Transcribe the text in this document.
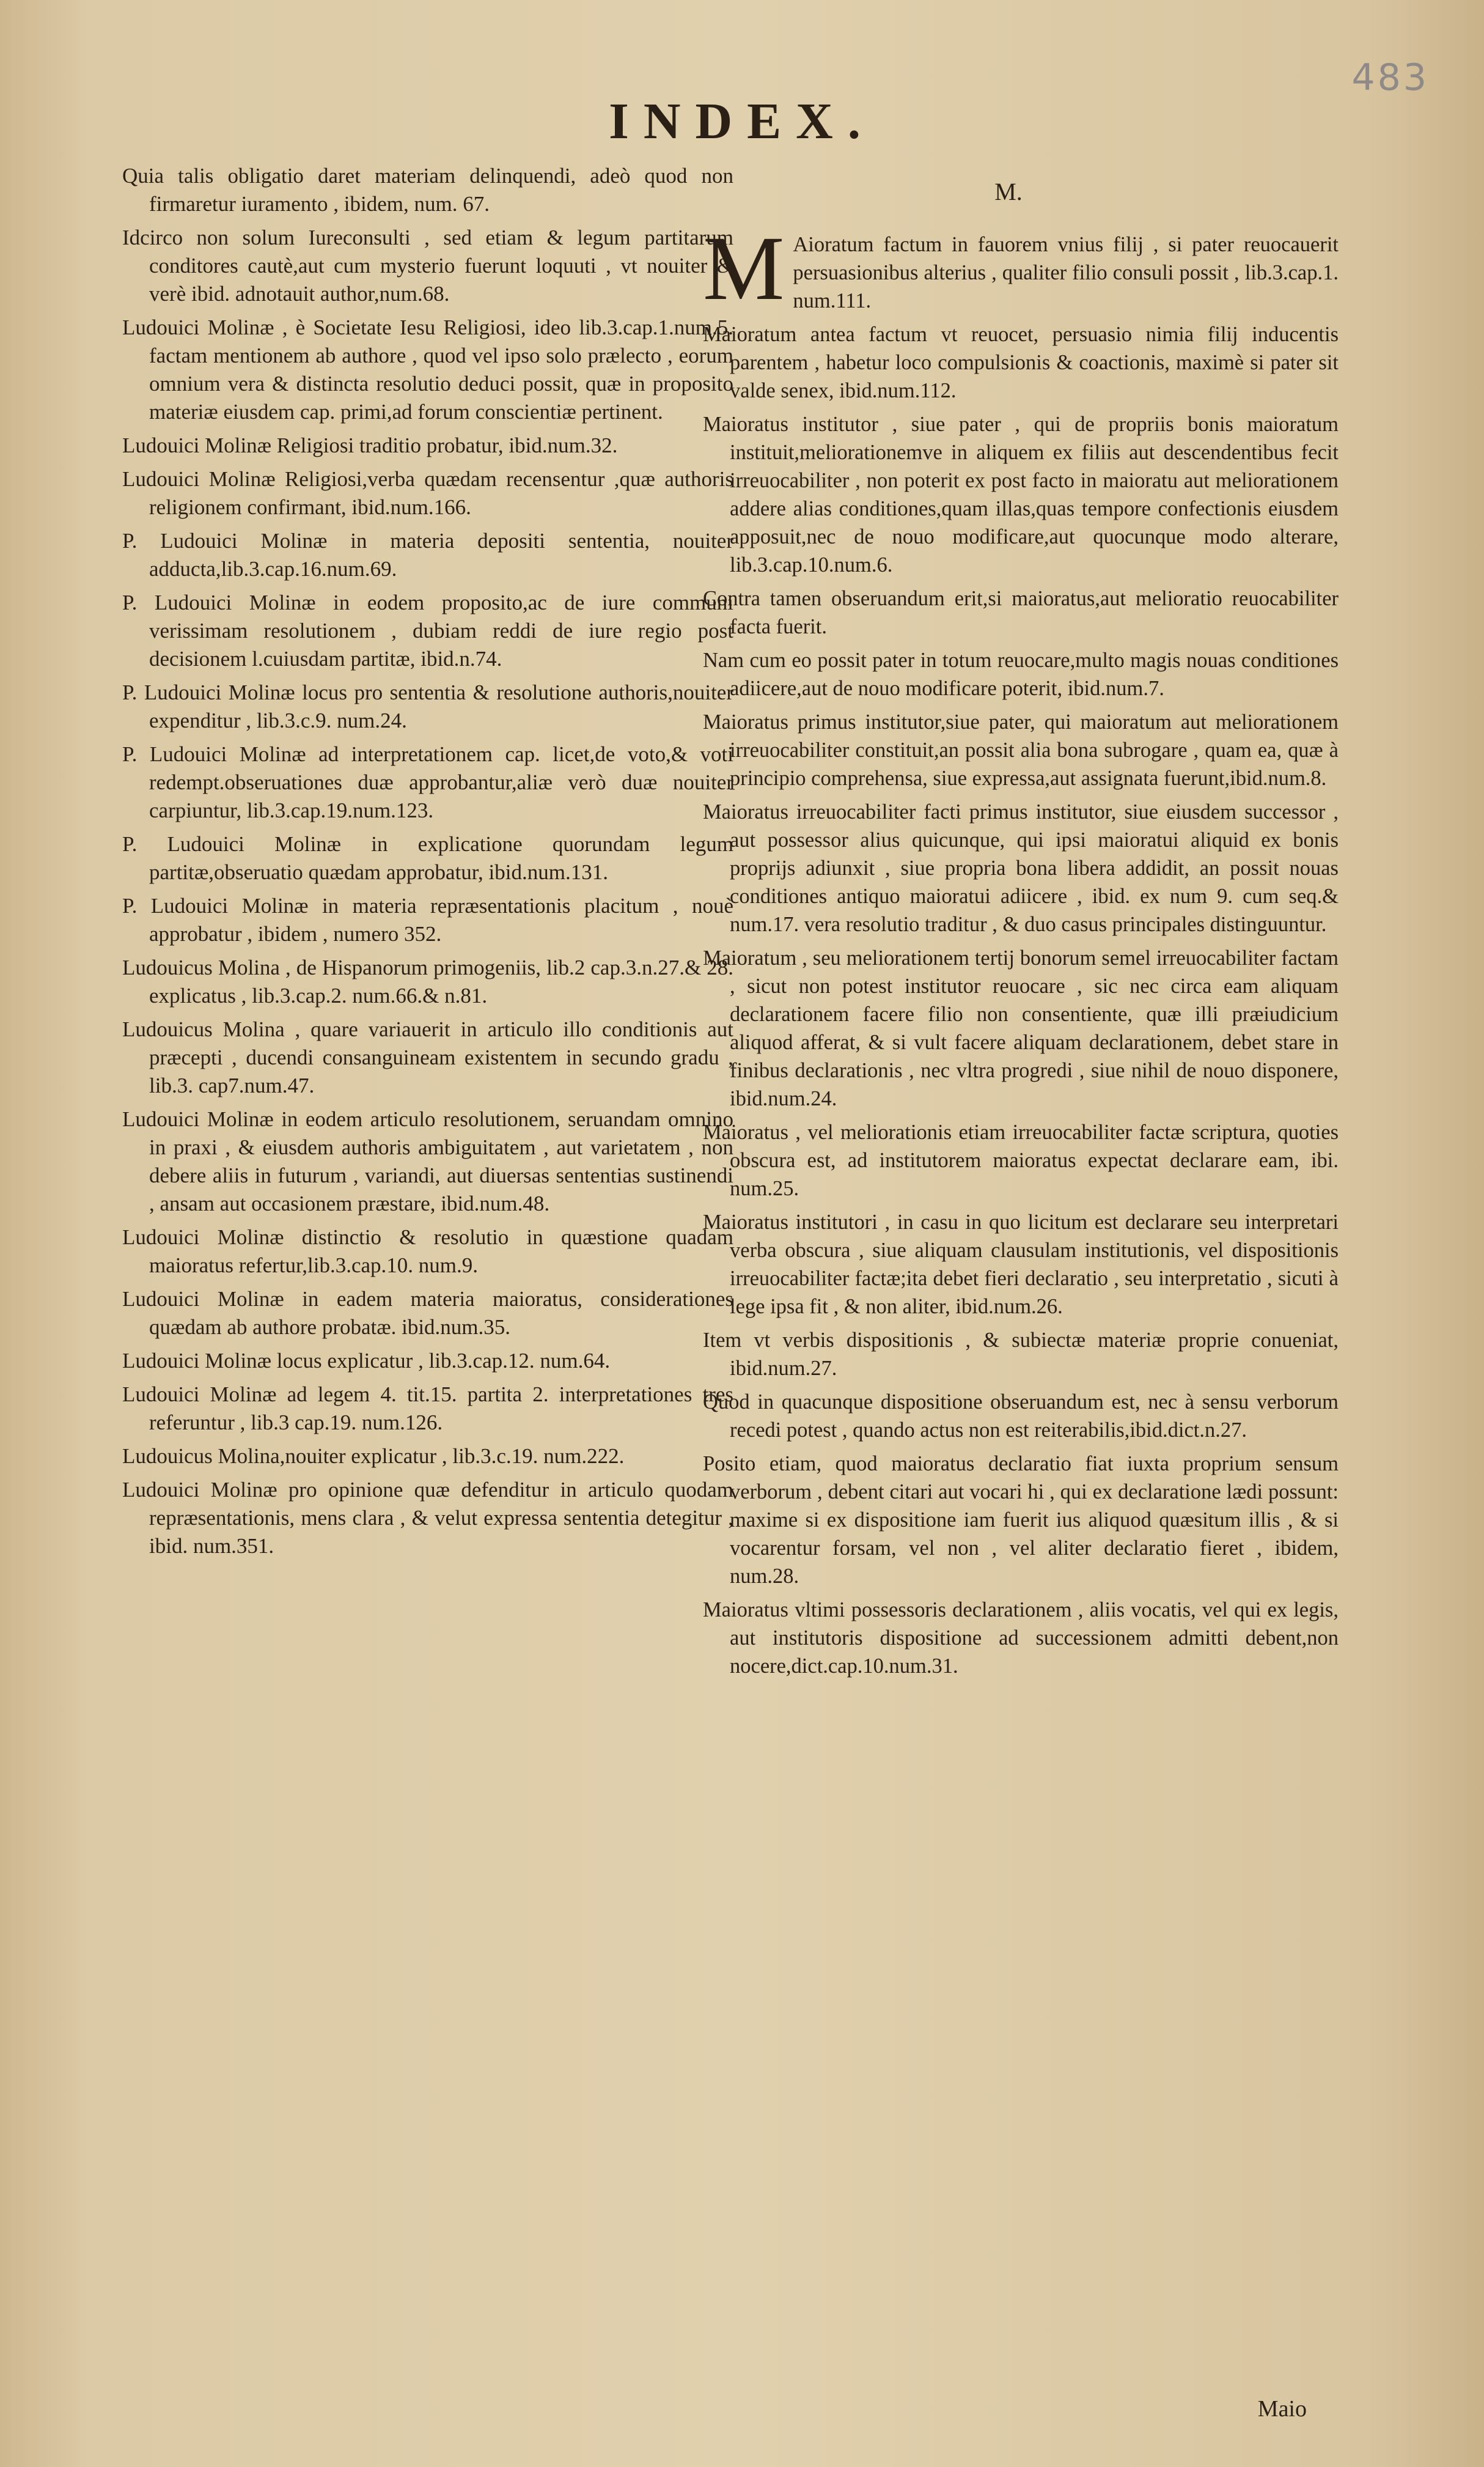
483
INDEX.
Quia talis obligatio daret materiam delinquendi, adeò quod non firmaretur iuramento , ibidem, num. 67.
Idcirco non solum Iureconsulti , sed etiam & legum partitarum conditores cautè,aut cum mysterio fuerunt loquuti , vt nouiter & verè ibid. adnotauit author,num.68.
Ludouici Molinæ , è Societate Iesu Religiosi, ideo lib.3.cap.1.num.5. factam mentionem ab authore , quod vel ipso solo prælecto , eorum omnium vera & distincta resolutio deduci possit, quæ in proposito materiæ eiusdem cap. primi,ad forum conscientiæ pertinent.
Ludouici Molinæ Religiosi traditio probatur, ibid.num.32.
Ludouici Molinæ Religiosi,verba quædam recensentur ,quæ authoris religionem confirmant, ibid.num.166.
P. Ludouici Molinæ in materia depositi sententia, nouiter adducta,lib.3.cap.16.num.69.
P. Ludouici Molinæ in eodem proposito,ac de iure communi verissimam resolutionem , dubiam reddi de iure regio post decisionem l.cuiusdam partitæ, ibid.n.74.
P. Ludouici Molinæ locus pro sententia & resolutione authoris,nouiter expenditur , lib.3.c.9. num.24.
P. Ludouici Molinæ ad interpretationem cap. licet,de voto,& voti redempt.obseruationes duæ approbantur,aliæ verò duæ nouiter carpiuntur, lib.3.cap.19.num.123.
P. Ludouici Molinæ in explicatione quorundam legum partitæ,obseruatio quædam approbatur, ibid.num.131.
P. Ludouici Molinæ in materia repræsentationis placitum , nouè approbatur , ibidem , numero 352.
Ludouicus Molina , de Hispanorum primogeniis, lib.2 cap.3.n.27.& 28. explicatus , lib.3.cap.2. num.66.& n.81.
Ludouicus Molina , quare variauerit in articulo illo conditionis aut præcepti , ducendi consanguineam existentem in secundo gradu , lib.3. cap7.num.47.
Ludouici Molinæ in eodem articulo resolutionem, seruandam omnino in praxi , & eiusdem authoris ambiguitatem , aut varietatem , non debere aliis in futurum , variandi, aut diuersas sententias sustinendi , ansam aut occasionem præstare, ibid.num.48.
Ludouici Molinæ distinctio & resolutio in quæstione quadam maioratus refertur,lib.3.cap.10. num.9.
Ludouici Molinæ in eadem materia maioratus, considerationes quædam ab authore probatæ. ibid.num.35.
Ludouici Molinæ locus explicatur , lib.3.cap.12. num.64.
Ludouici Molinæ ad legem 4. tit.15. partita 2. interpretationes tres referuntur , lib.3 cap.19. num.126.
Ludouicus Molina,nouiter explicatur , lib.3.c.19. num.222.
Ludouici Molinæ pro opinione quæ defenditur in articulo quodam repræsentationis, mens clara , & velut expressa sententia detegitur , ibid. num.351.
M.
M Aioratum factum in fauorem vnius filij , si pater reuocauerit persuasionibus alterius , qualiter filio consuli possit , lib.3.cap.1. num.111.
Maioratum antea factum vt reuocet, persuasio nimia filij inducentis parentem , habetur loco compulsionis & coactionis, maximè si pater sit valde senex, ibid.num.112.
Maioratus institutor , siue pater , qui de propriis bonis maioratum instituit,meliorationemve in aliquem ex filiis aut descendentibus fecit irreuocabiliter , non poterit ex post facto in maioratu aut meliorationem addere alias conditiones,quam illas,quas tempore confectionis eiusdem apposuit,nec de nouo modificare,aut quocunque modo alterare, lib.3.cap.10.num.6.
Contra tamen obseruandum erit,si maioratus,aut melioratio reuocabiliter facta fuerit.
Nam cum eo possit pater in totum reuocare,multo magis nouas conditiones adiicere,aut de nouo modificare poterit, ibid.num.7.
Maioratus primus institutor,siue pater, qui maioratum aut meliorationem irreuocabiliter constituit,an possit alia bona subrogare , quam ea, quæ à principio comprehensa, siue expressa,aut assignata fuerunt,ibid.num.8.
Maioratus irreuocabiliter facti primus institutor, siue eiusdem successor , aut possessor alius quicunque, qui ipsi maioratui aliquid ex bonis proprijs adiunxit , siue propria bona libera addidit, an possit nouas conditiones antiquo maioratui adiicere , ibid. ex num 9. cum seq.& num.17. vera resolutio traditur , & duo casus principales distinguuntur.
Maioratum , seu meliorationem tertij bonorum semel irreuocabiliter factam , sicut non potest institutor reuocare , sic nec circa eam aliquam declarationem facere filio non consentiente, quæ illi præiudicium aliquod afferat, & si vult facere aliquam declarationem, debet stare in finibus declarationis , nec vltra progredi , siue nihil de nouo disponere, ibid.num.24.
Maioratus , vel meliorationis etiam irreuocabiliter factæ scriptura, quoties obscura est, ad institutorem maioratus expectat declarare eam, ibi. num.25.
Maioratus institutori , in casu in quo licitum est declarare seu interpretari verba obscura , siue aliquam clausulam institutionis, vel dispositionis irreuocabiliter factæ;ita debet fieri declaratio , seu interpretatio , sicuti à lege ipsa fit , & non aliter, ibid.num.26.
Item vt verbis dispositionis , & subiectæ materiæ proprie conueniat, ibid.num.27.
Quod in quacunque dispositione obseruandum est, nec à sensu verborum recedi potest , quando actus non est reiterabilis,ibid.dict.n.27.
Posito etiam, quod maioratus declaratio fiat iuxta proprium sensum verborum , debent citari aut vocari hi , qui ex declaratione lædi possunt: maxime si ex dispositione iam fuerit ius aliquod quæsitum illis , & si vocarentur forsam, vel non , vel aliter declaratio fieret , ibidem, num.28.
Maioratus vltimi possessoris declarationem , aliis vocatis, vel qui ex legis, aut institutoris dispositione ad successionem admitti debent,non nocere,dict.cap.10.num.31.
Maio
